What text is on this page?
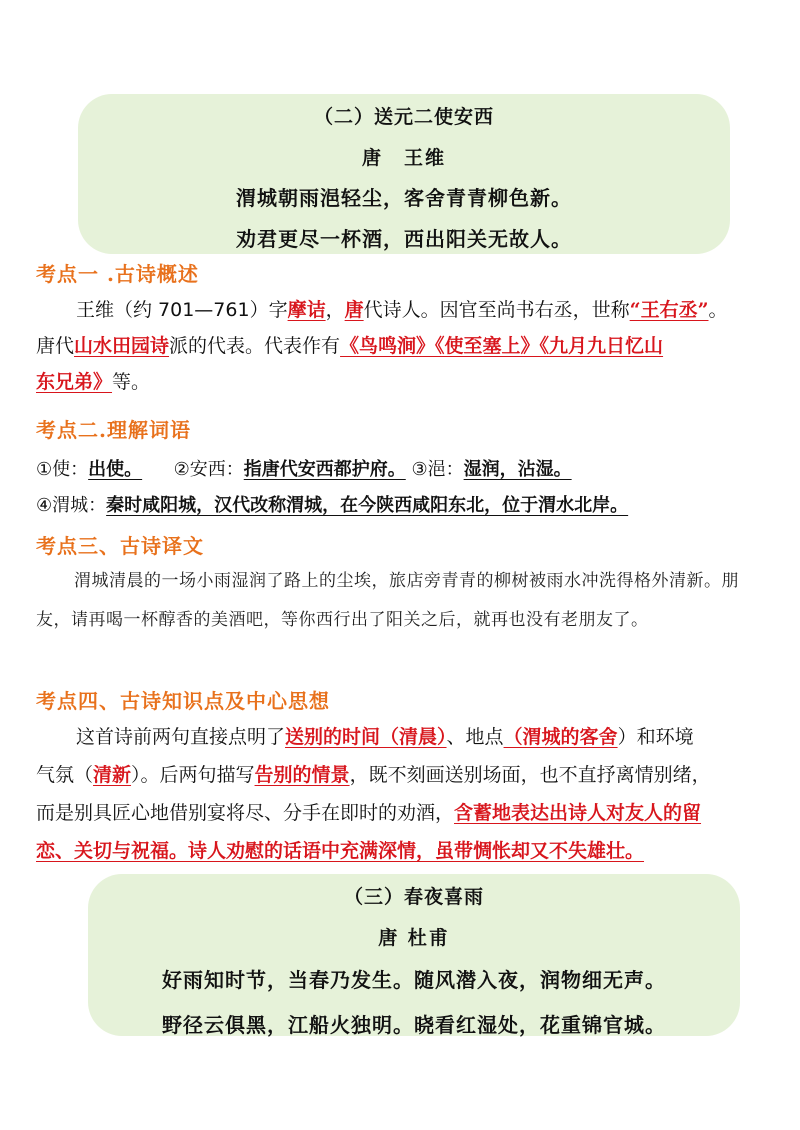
（二）送元二使安西
唐　王维
渭城朝雨浥轻尘，客舍青青柳色新。
劝君更尽一杯酒，西出阳关无故人。
考点一 .古诗概述
王维（约 701—761）字摩诘，唐代诗人。因官至尚书右丞，世称“王右丞”。
唐代山水田园诗派的代表。代表作有《鸟鸣涧》《使至塞上》《九月九日忆山
东兄弟》等。
考点二.理解词语
①使：出使。 ②安西：指唐代安西都护府。 ③浥：湿润，沾湿。
④渭城：秦时咸阳城，汉代改称渭城，在今陕西咸阳东北，位于渭水北岸。
考点三、古诗译文
渭城清晨的一场小雨湿润了路上的尘埃，旅店旁青青的柳树被雨水冲洗得格外清新。朋友，请再喝一杯醇香的美酒吧，等你西行出了阳关之后，就再也没有老朋友了。
考点四、古诗知识点及中心思想
这首诗前两句直接点明了送别的时间（清晨）、地点（渭城的客舍）和环境
气氛（清新）。后两句描写告别的情景，既不刻画送别场面，也不直抒离情别绪，
而是别具匠心地借别宴将尽、分手在即时的劝酒，含蓄地表达出诗人对友人的留
恋、关切与祝福。诗人劝慰的话语中充满深情，虽带惆怅却又不失雄壮。
（三）春夜喜雨
唐 杜甫
好雨知时节，当春乃发生。随风潜入夜，润物细无声。
野径云俱黑，江船火独明。晓看红湿处，花重锦官城。
